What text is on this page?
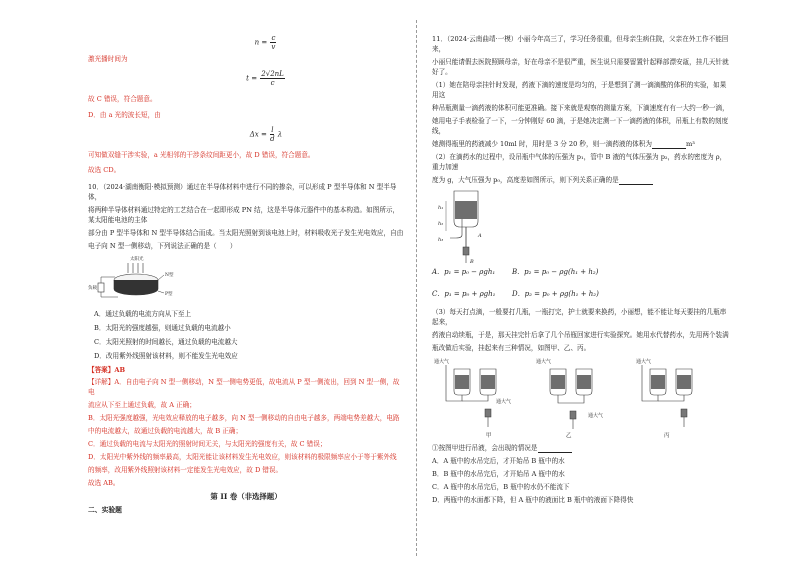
$n = \frac{c}{v}$

激光播时间为

$t = \frac{2√2nL}{c}$

故 C 错误，符合题意。

D．由 a 光的波长短，由

$\Delta x = \frac{l}{d}$ λ

可知做双缝干涉实验，a 光相邻的干涉条纹间距更小，故 D 错误，符合题意。

故选 CD。

10．（2024·湖南衡阳·模拟预测）通过在半导体材料中进行不同的掺杂，可以形成 P 型半导体和 N 型半导体，

将两种半导体材料通过特定的工艺结合在一起即形成 PN 结，这是半导体元器件中的基本构造。如图所示，某太阳能电池的主体

部分由 P 型半导体和 N 型半导体结合而成。当太阳光照射到该电池上时，材料吸收光子发生光电效应，自由

电子向 N 型一侧移动，下列说法正确的是（　　）

太阳光
N型
P型
负载

A．通过负载的电流方向从下至上

B．太阳光的强度越强，则通过负载的电流越小

C．太阳光照射的时间越长，通过负载的电流越大

D．改用紫外线照射该材料，则不能发生光电效应

【答案】AB

【详解】A．自由电子向 N 型一侧移动，N 型一侧电势更低，故电流从 P 型一侧流出，回到 N 型一侧，故电

流应从下至上通过负载，故 A 正确；

B．太阳光强度越强，光电效应释放的电子越多，向 N 型一侧移动的自由电子越多，两端电势差越大，电路

中的电流越大，故通过负载的电流越大，故 B 正确；

C．通过负载的电流与太阳光的照射时间无关，与太阳光的强度有关，故 C 错误；

D．太阳光中紫外线的频率最高，太阳光能让该材料发生光电效应，则该材料的极限频率应小于等于紫外线

的频率，改用紫外线照射该材料一定能发生光电效应，故 D 错误。

故选 AB。

第 II 卷（非选择题）

二、实验题

11．（2024·云南曲靖·一模）小丽今年高三了，学习任务很重，但母亲生病住院，父亲在外工作不能回来，

小丽只能请假去医院照顾母亲，好在母亲不是很严重，医生说只需要留置针起释部漂安瓿，挂几天针就好了。

（1）她在陪母亲挂针时发现，药液下滴的速度是均匀的，于是想到了测一滴滴酸的体积的实验，如果用这

种吊瓶测量一滴药液的体积可能更准确。接下来就是观察的测量方案，下滴速度有有一大约一秒一滴，

她用电子手表检验了一下，一分钟刚好 60 滴，于是她决定测一下一滴药液的体积，吊瓶上有数的刻度线，

她测得瓶里的药液减少 10ml 时，用时是 3 分 20 秒，则一滴药液的体积为	m³

（2）在滴药水的过程中，设吊瓶中气体的压强为 p₁，管中 B 液的气体压强为 p₂，药水的密度为 ρ，重力加速

度为 g，大气压强为 p₀，高度差如图所示，则下列关系正确的是

h₁
h₂
h₃
A
B
A．p₁ = p₀ − ρgh₁	B．p₂ = p₀ − ρg(h₁ + h₂)
C．p₁ = p₀ + ρgh₁	D．p₂ = p₀ + ρg(h₁ + h₂)

（3）每天打点滴，一般要打几瓶，一瓶打完，护士就要来换药，小丽想，能不能让每天要挂的几瓶串起来，

药液自动续瓶，于是，那天挂完针后拿了几个吊瓶回家进行实验探究。她用水代替药水，先用两个装满

瓶改做后实验，挂起来有三种情况，如图甲、乙、丙。

通大气
通大气
甲
通大气
通大气
乙
通大气
丙

①按图甲进行吊液，会出现的情况是

A．A 瓶中的水吊完后，才开始吊 B 瓶中的水

B．B 瓶中的水吊完后，才开始吊 A 瓶中的水

C．A 瓶中的水吊完后，B 瓶中的水仍不能流下

D．两瓶中的水面都下降，但 A 瓶中的液面比 B 瓶中的液面下降得快
